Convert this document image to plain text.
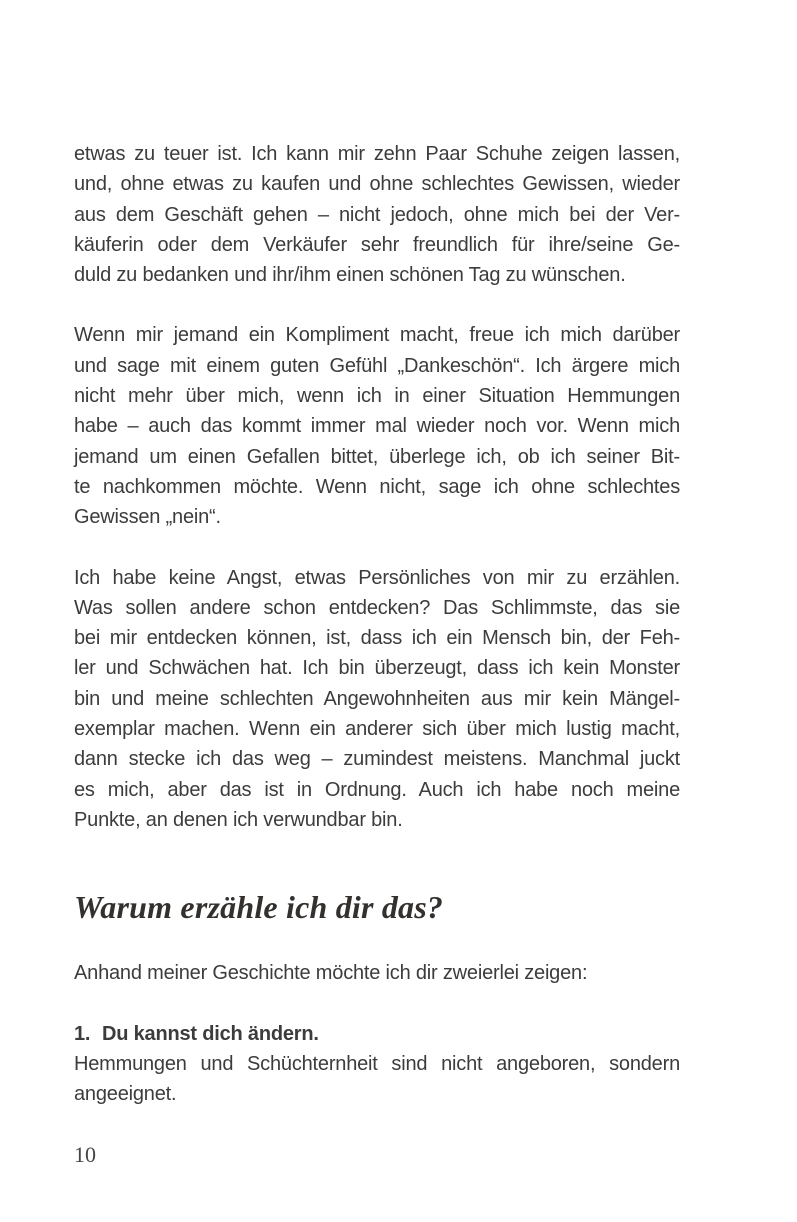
etwas zu teuer ist. Ich kann mir zehn Paar Schuhe zeigen lassen,
und, ohne etwas zu kaufen und ohne schlechtes Gewissen, wieder
aus dem Geschäft gehen – nicht jedoch, ohne mich bei der Ver-
käuferin oder dem Verkäufer sehr freundlich für ihre/seine Ge-
duld zu bedanken und ihr/ihm einen schönen Tag zu wünschen.

Wenn mir jemand ein Kompliment macht, freue ich mich darüber
und sage mit einem guten Gefühl „Dankeschön“. Ich ärgere mich
nicht mehr über mich, wenn ich in einer Situation Hemmungen
habe – auch das kommt immer mal wieder noch vor. Wenn mich
jemand um einen Gefallen bittet, überlege ich, ob ich seiner Bit-
te nachkommen möchte. Wenn nicht, sage ich ohne schlechtes
Gewissen „nein“.

Ich habe keine Angst, etwas Persönliches von mir zu erzählen.
Was sollen andere schon entdecken? Das Schlimmste, das sie
bei mir entdecken können, ist, dass ich ein Mensch bin, der Feh-
ler und Schwächen hat. Ich bin überzeugt, dass ich kein Monster
bin und meine schlechten Angewohnheiten aus mir kein Mängel-
exemplar machen. Wenn ein anderer sich über mich lustig macht,
dann stecke ich das weg – zumindest meistens. Manchmal juckt
es mich, aber das ist in Ordnung. Auch ich habe noch meine
Punkte, an denen ich verwundbar bin.

Warum erzähle ich dir das?

Anhand meiner Geschichte möchte ich dir zweierlei zeigen:

1. Du kannst dich ändern.
Hemmungen und Schüchternheit sind nicht angeboren, sondern
angeeignet.
10
